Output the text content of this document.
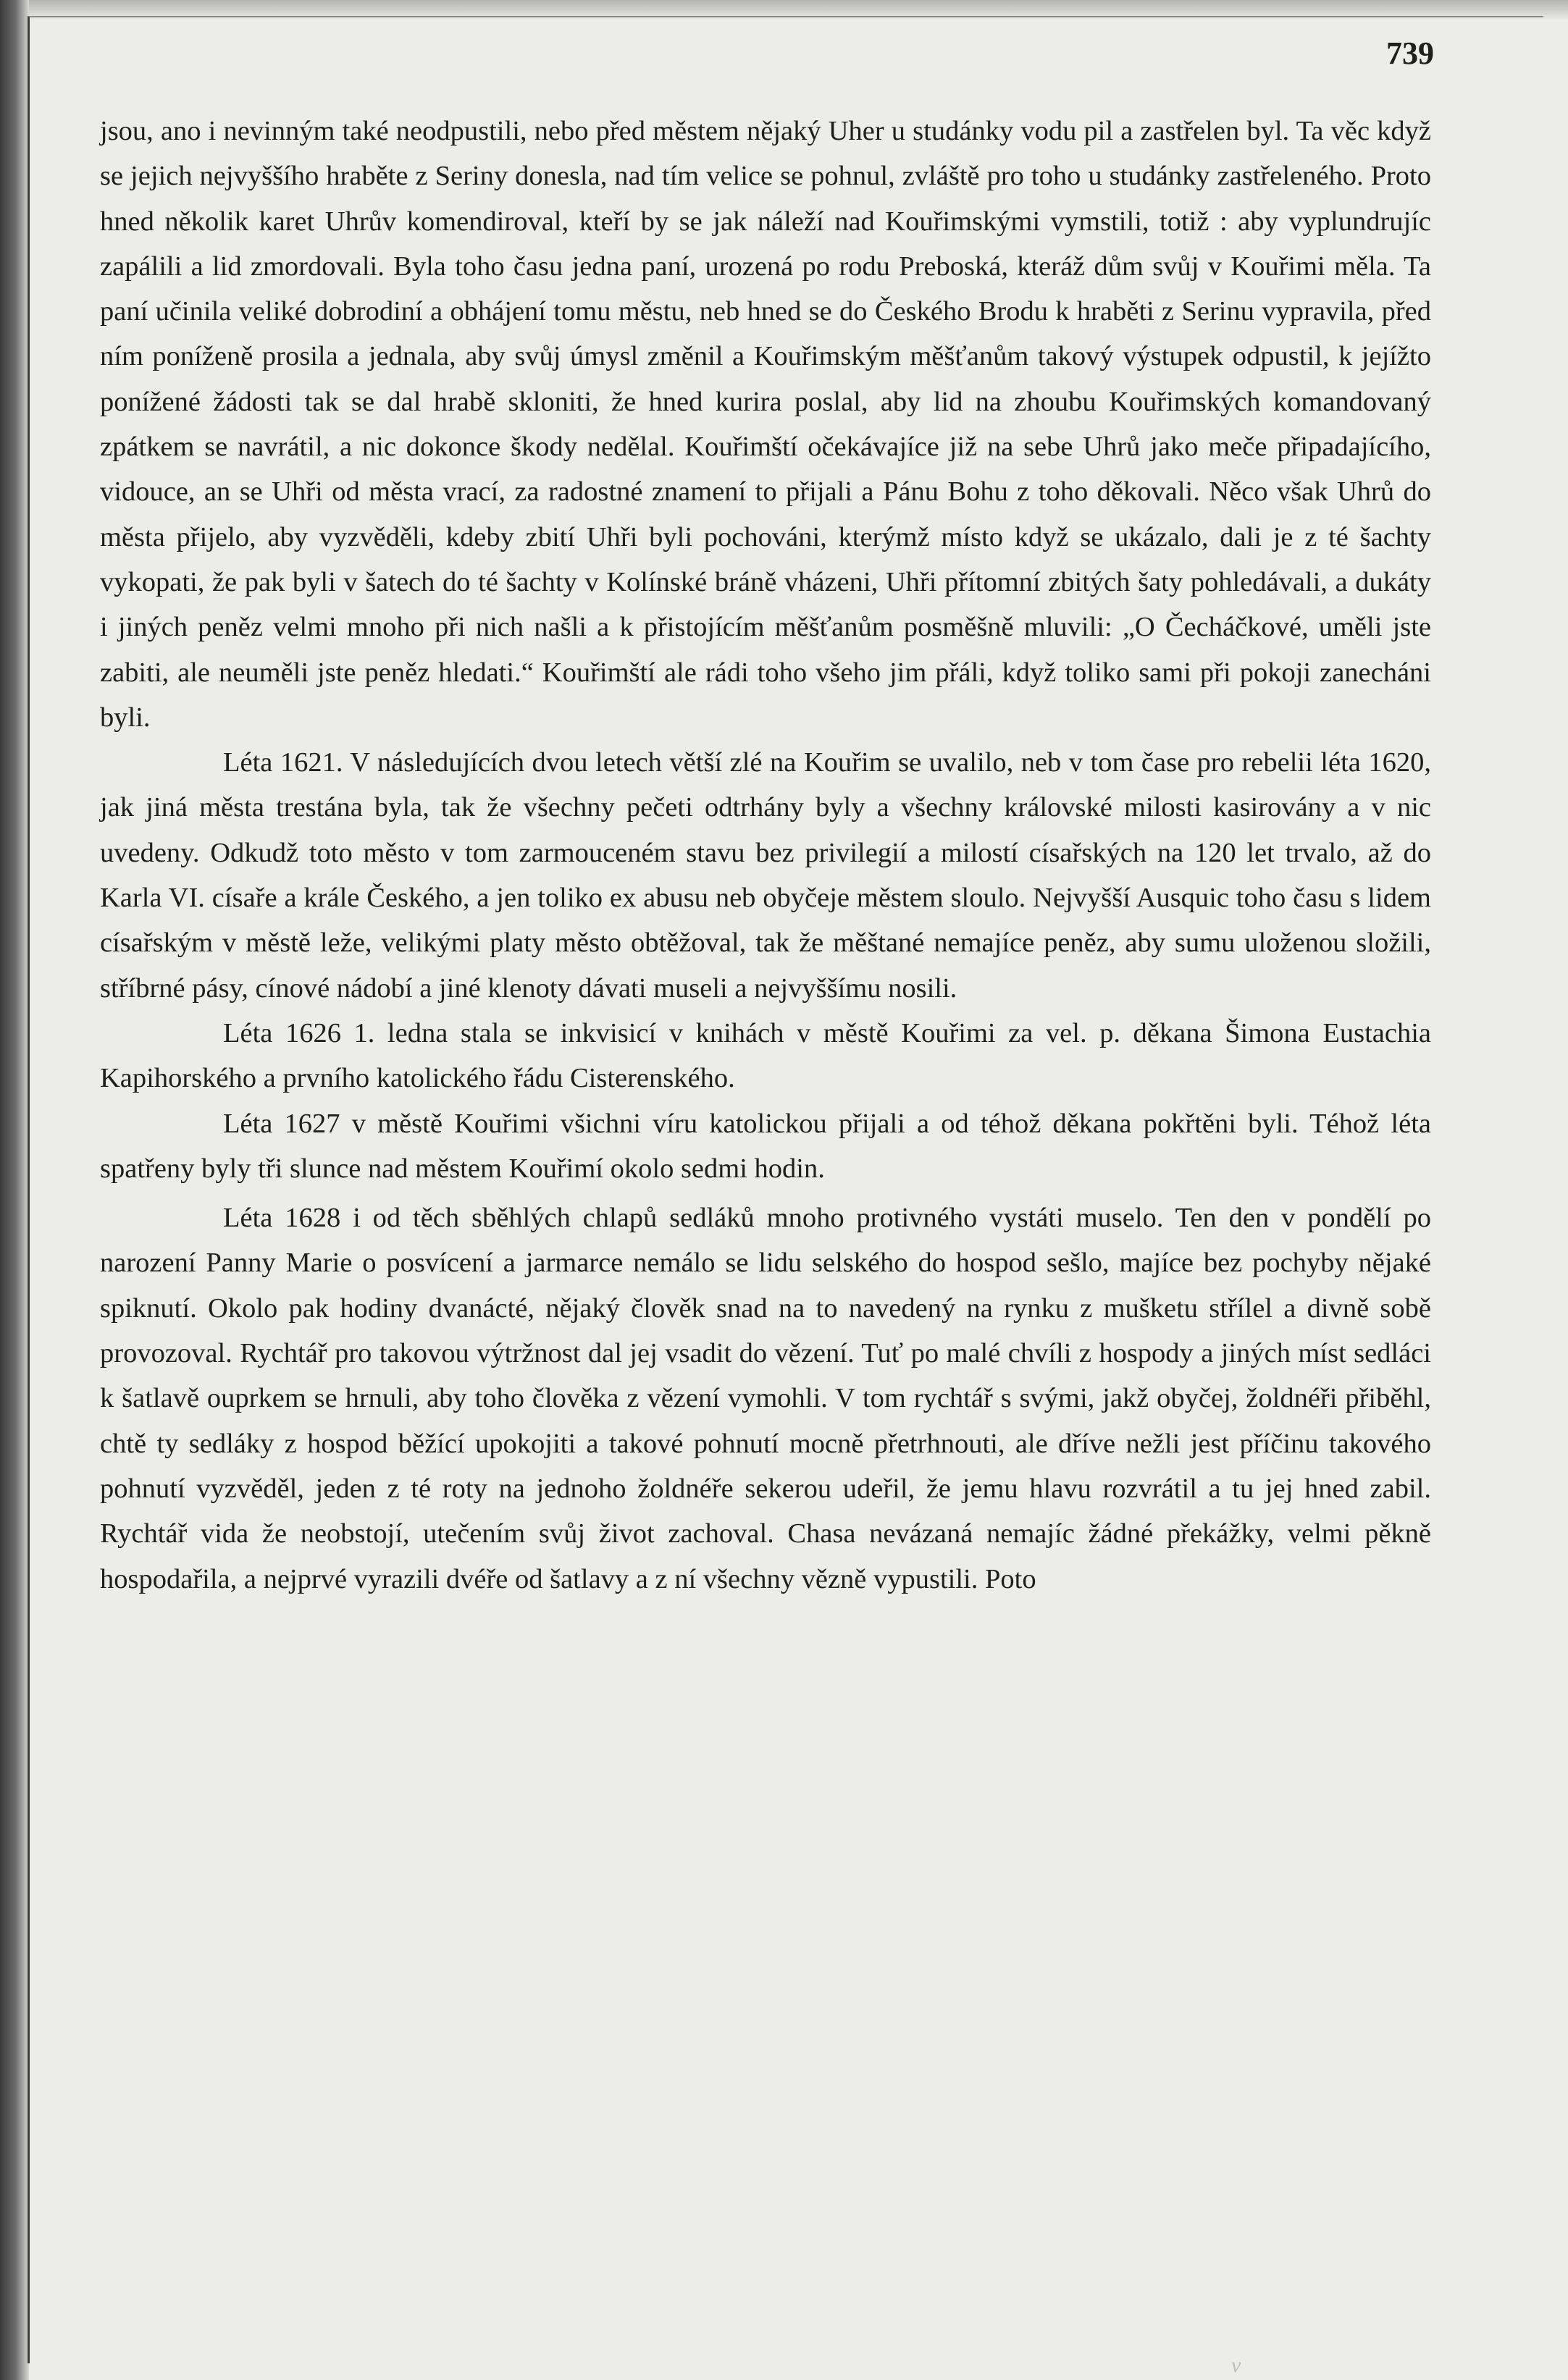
739

jsou, ano i nevinným také neodpustili, nebo před městem nějaký Uher u studánky vodu pil a zastřelen byl. Ta věc když se jejich nejvyššího hraběte z Seriny donesla, nad tím velice se pohnul, zvláště pro toho u studánky zastřeleného. Proto hned několik karet Uhrův komendiroval, kteří by se jak náleží nad Kouřimskými vymstili, totiž : aby vyplundrujíc zapálili a lid zmordovali. Byla toho času jedna paní, urozená po rodu Preboská, kteráž dům svůj v Kouřimi měla. Ta paní učinila veliké dobrodiní a obhájení tomu městu, neb hned se do Českého Brodu k hraběti z Serinu vypravila, před ním poníženě prosila a jednala, aby svůj úmysl změnil a Kouřimským měšťanům takový výstupek odpustil, k jejížto ponížené žádosti tak se dal hrabě skloniti, že hned kurira poslal, aby lid na zhoubu Kouřimských komandovaný zpátkem se navrátil, a nic dokonce škody nedělal. Kouřimští očekávajíce již na sebe Uhrů jako meče připadajícího, vidouce, an se Uhři od města vrací, za radostné znamení to přijali a Pánu Bohu z toho děkovali. Něco však Uhrů do města přijelo, aby vyzvěděli, kdeby zbití Uhři byli pochováni, kterýmž místo když se ukázalo, dali je z té šachty vykopati, že pak byli v šatech do té šachty v Kolínské bráně vházeni, Uhři přítomní zbitých šaty pohledávali, a dukáty i jiných peněz velmi mnoho při nich našli a k přistojícím měšťanům posměšně mluvili: „O Čecháčkové, uměli jste zabiti, ale neuměli jste peněz hledati.“ Kouřimští ale rádi toho všeho jim přáli, když toliko sami při pokoji zanecháni byli.

Léta 1621. V následujících dvou letech větší zlé na Kouřim se uvalilo, neb v tom čase pro rebelii léta 1620, jak jiná města trestána byla, tak že všechny pečeti odtrhány byly a všechny královské milosti kasirovány a v nic uvedeny. Odkudž toto město v tom zarmouceném stavu bez privilegií a milostí císařských na 120 let trvalo, až do Karla VI. císaře a krále Českého, a jen toliko ex abusu neb obyčeje městem sloulo. Nejvyšší Ausquic toho času s lidem císařským v městě leže, velikými platy město obtěžoval, tak že měštané nemajíce peněz, aby sumu uloženou složili, stříbrné pásy, cínové nádobí a jiné klenoty dávati museli a nejvyššímu nosili.

Léta 1626 1. ledna stala se inkvisicí v knihách v městě Kouřimi za vel. p. děkana Šimona Eustachia Kapihorského a prvního katolického řádu Cisterenského.

Léta 1627 v městě Kouřimi všichni víru katolickou přijali a od téhož děkana pokřtěni byli. Téhož léta spatřeny byly tři slunce nad městem Kouřimí okolo sedmi hodin.

Léta 1628 i od těch sběhlých chlapů sedláků mnoho protivného vystáti muselo. Ten den v pondělí po narození Panny Marie o posvícení a jarmarce nemálo se lidu selského do hospod sešlo, majíce bez pochyby nějaké spiknutí. Okolo pak hodiny dvanácté, nějaký člověk snad na to navedený na rynku z mušketu střílel a divně sobě provozoval. Rychtář pro takovou výtržnost dal jej vsadit do vězení. Tuť po malé chvíli z hospody a jiných míst sedláci k šatlavě ouprkem se hrnuli, aby toho člověka z vězení vymohli. V tom rychtář s svými, jakž obyčej, žoldnéři přiběhl, chtě ty sedláky z hospod běžící upokojiti a takové pohnutí mocně přetrhnouti, ale dříve nežli jest příčinu takového pohnutí vyzvěděl, jeden z té roty na jednoho žoldnéře sekerou udeřil, že jemu hlavu rozvrátil a tu jej hned zabil. Rychtář vida že neobstojí, utečením svůj život zachoval. Chasa nevázaná nemajíc žádné překážky, velmi pěkně hospodařila, a nejprvé vyrazili dvéře od šatlavy a z ní všechny vězně vypustili. Poto

v
